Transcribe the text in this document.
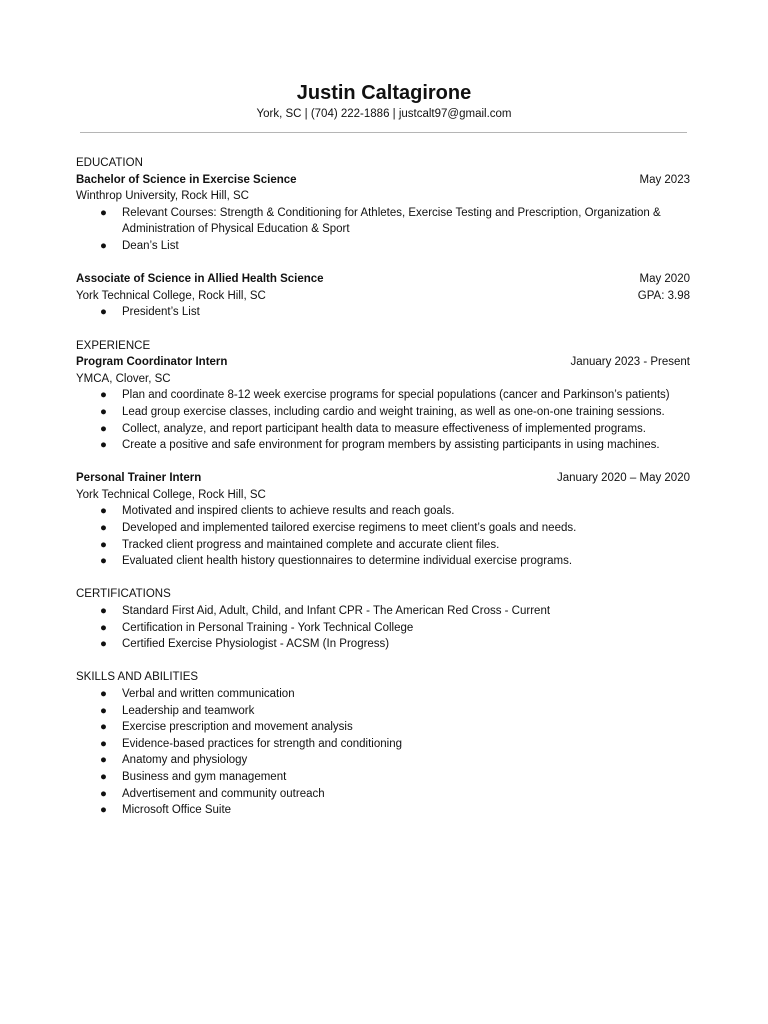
Justin Caltagirone
York, SC | (704) 222-1886 | justcalt97@gmail.com
EDUCATION
Bachelor of Science in Exercise Science	May 2023
Winthrop University, Rock Hill, SC
● Relevant Courses: Strength & Conditioning for Athletes, Exercise Testing and Prescription, Organization &
Administration of Physical Education & Sport
● Dean’s List
Associate of Science in Allied Health Science	May 2020
York Technical College, Rock Hill, SC	GPA: 3.98
● President’s List
EXPERIENCE
Program Coordinator Intern	January 2023 - Present
YMCA, Clover, SC
● Plan and coordinate 8-12 week exercise programs for special populations (cancer and Parkinson’s patients)
● Lead group exercise classes, including cardio and weight training, as well as one-on-one training sessions.
● Collect, analyze, and report participant health data to measure effectiveness of implemented programs.
● Create a positive and safe environment for program members by assisting participants in using machines.
Personal Trainer Intern	January 2020 – May 2020
York Technical College, Rock Hill, SC
● Motivated and inspired clients to achieve results and reach goals.
● Developed and implemented tailored exercise regimens to meet client’s goals and needs.
● Tracked client progress and maintained complete and accurate client files.
● Evaluated client health history questionnaires to determine individual exercise programs.
CERTIFICATIONS
● Standard First Aid, Adult, Child, and Infant CPR - The American Red Cross - Current
● Certification in Personal Training - York Technical College
● Certified Exercise Physiologist - ACSM (In Progress)
SKILLS AND ABILITIES
● Verbal and written communication
● Leadership and teamwork
● Exercise prescription and movement analysis
● Evidence-based practices for strength and conditioning
● Anatomy and physiology
● Business and gym management
● Advertisement and community outreach
● Microsoft Office Suite
